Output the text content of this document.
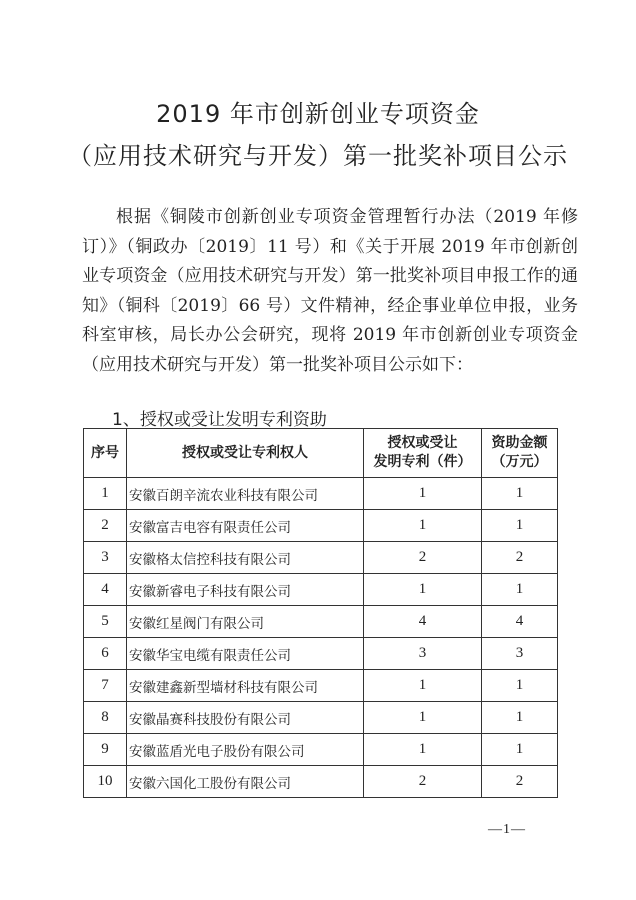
2019 年市创新创业专项资金
（应用技术研究与开发）第一批奖补项目公示
根据《铜陵市创新创业专项资金管理暂行办法（2019 年修订）》（铜政办〔2019〕11 号）和《关于开展 2019 年市创新创业专项资金（应用技术研究与开发）第一批奖补项目申报工作的通知》（铜科〔2019〕66 号）文件精神，经企事业单位申报，业务科室审核，局长办公会研究，现将 2019 年市创新创业专项资金（应用技术研究与开发）第一批奖补项目公示如下：
1、授权或受让发明专利资助
序号	授权或受让专利权人	授权或受让
发明专利（件）	资助金额
（万元）
1	安徽百朗辛流农业科技有限公司	1	1
2	安徽富吉电容有限责任公司	1	1
3	安徽格太信控科技有限公司	2	2
4	安徽新睿电子科技有限公司	1	1
5	安徽红星阀门有限公司	4	4
6	安徽华宝电缆有限责任公司	3	3
7	安徽建鑫新型墙材科技有限公司	1	1
8	安徽晶赛科技股份有限公司	1	1
9	安徽蓝盾光电子股份有限公司	1	1
10	安徽六国化工股份有限公司	2	2
—1—
